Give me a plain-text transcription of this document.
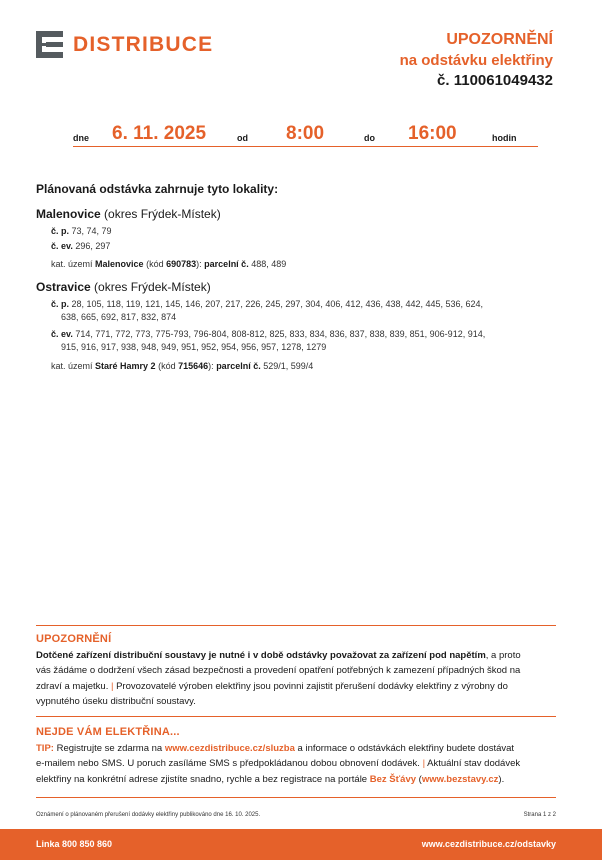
DISTRIBUCE	UPOZORNĚNÍ
na odstávku elektřiny
č. 110061049432
dne 6. 11. 2025	od 8:00	do 16:00	hodin
Plánovaná odstávka zahrnuje tyto lokality:
Malenovice (okres Frýdek-Místek)
č. p. 73, 74, 79
č. ev. 296, 297
kat. území Malenovice (kód 690783): parcelní č. 488, 489
Ostravice (okres Frýdek-Místek)
č. p. 28, 105, 118, 119, 121, 145, 146, 207, 217, 226, 245, 297, 304, 406, 412, 436, 438, 442, 445, 536, 624,
638, 665, 692, 817, 832, 874
č. ev. 714, 771, 772, 773, 775-793, 796-804, 808-812, 825, 833, 834, 836, 837, 838, 839, 851, 906-912, 914,
915, 916, 917, 938, 948, 949, 951, 952, 954, 956, 957, 1278, 1279
kat. území Staré Hamry 2 (kód 715646): parcelní č. 529/1, 599/4
UPOZORNĚNÍ
Dotčené zařízení distribuční soustavy je nutné i v době odstávky považovat za zařízení pod napětím, a proto
vás žádáme o dodržení všech zásad bezpečnosti a provedení opatření potřebných k zamezení případných škod na
zdraví a majetku. | Provozovatelé výroben elektřiny jsou povinni zajistit přerušení dodávky elektřiny z výrobny do
vypnutého úseku distribuční soustavy.
NEJDE VÁM ELEKTŘINA...
TIP: Registrujte se zdarma na www.cezdistribuce.cz/sluzba a informace o odstávkách elektřiny budete dostávat
e-mailem nebo SMS. U poruch zasíláme SMS s předpokládanou dobou obnovení dodávek. | Aktuální stav dodávek
elektřiny na konkrétní adrese zjistíte snadno, rychle a bez registrace na portále Bez Šťávy (www.bezstavy.cz).
Oznámení o plánovaném přerušení dodávky elektřiny publikováno dne 16. 10. 2025.	Strana 1 z 2
Linka 800 850 860	www.cezdistribuce.cz/odstavky
